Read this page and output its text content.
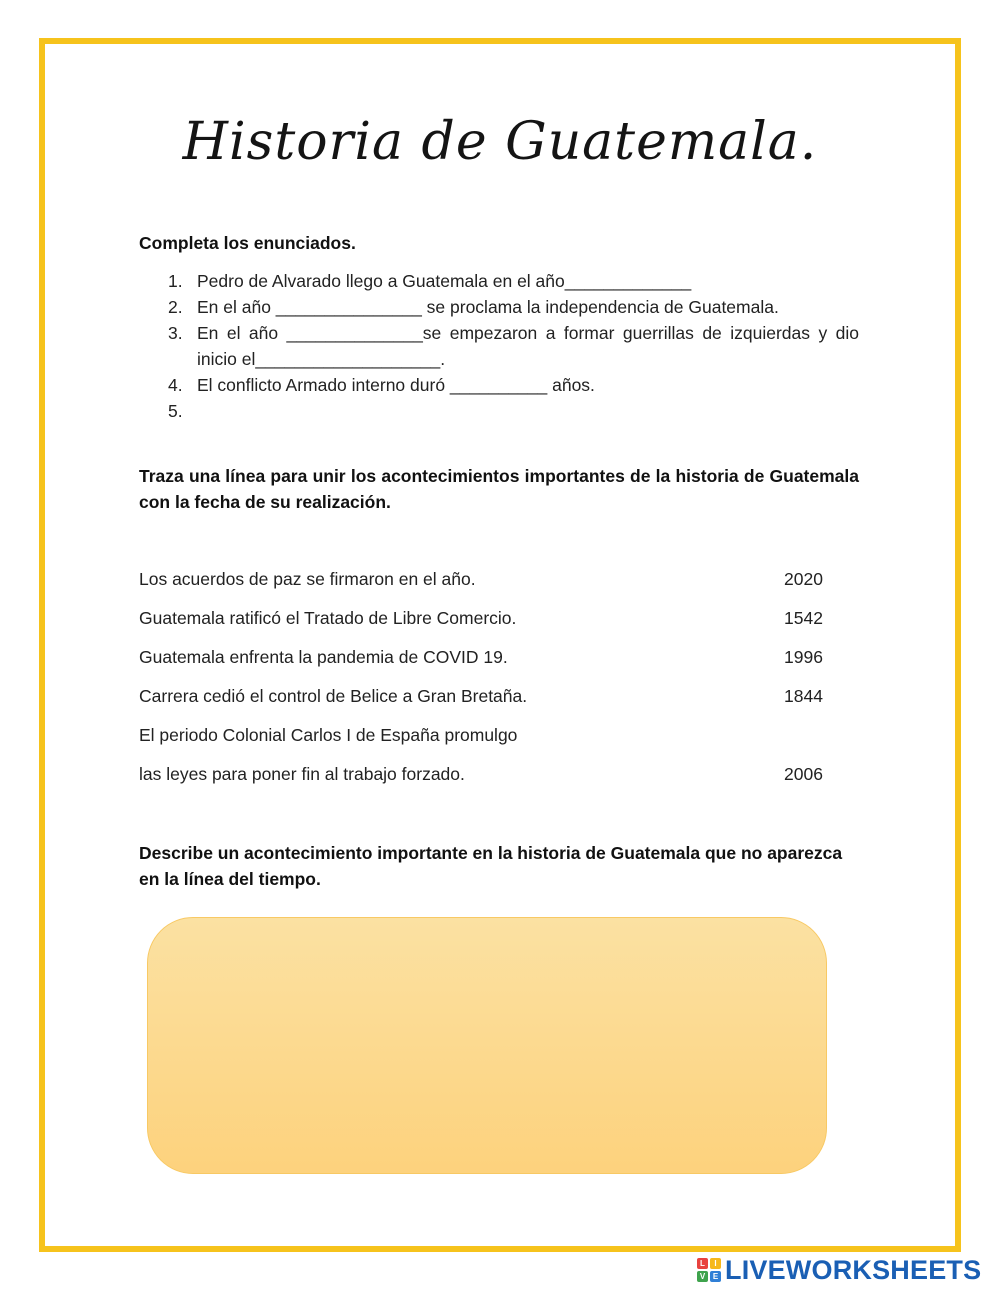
Historia de Guatemala.
Completa los enunciados.
1. Pedro de Alvarado llego a Guatemala en el año_____________
2. En el año _______________ se proclama la independencia de Guatemala.
3. En el año ______________se empezaron a formar guerrillas de izquierdas y dio inicio el___________________.
4. El conflicto Armado interno duró __________ años.
5.
Traza una línea para unir los acontecimientos importantes de la historia de Guatemala con la fecha de su realización.
Los acuerdos de paz se firmaron en el año.	2020
Guatemala ratificó el Tratado de Libre Comercio.	1542
Guatemala enfrenta la pandemia de COVID 19.	1996
Carrera cedió el control de Belice a Gran Bretaña.	1844
El periodo Colonial Carlos I de España promulgo
las leyes para poner fin al trabajo forzado.	2006
Describe un acontecimiento importante en la historia de Guatemala que no aparezca en la línea del tiempo.
L	I
V E LIVEWORKSHEETS
